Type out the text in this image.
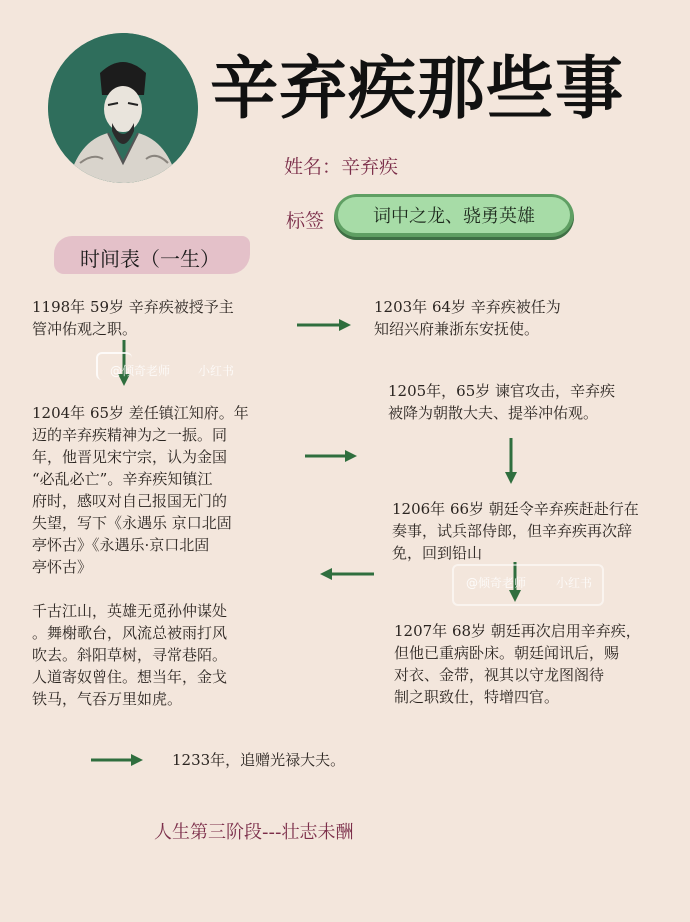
辛弃疾那些事
姓名：辛弃疾
标签	词中之龙、骁勇英雄
时间表（一生）
1198年 59岁 辛弃疾被授予主
管冲佑观之职。
1203年 64岁 辛弃疾被任为
知绍兴府兼浙东安抚使。
@倾奇老师 小红书
1204年 65岁 差任镇江知府。年
迈的辛弃疾精神为之一振。同
年，他晋见宋宁宗，认为金国
“必乱必亡”。辛弃疾知镇江
府时，感叹对自己报国无门的
失望，写下《永遇乐 京口北固
亭怀古》《永遇乐·京口北固
亭怀古》
1205年，65岁 谏官攻击，辛弃疾
被降为朝散大夫、提举冲佑观。
1206年 66岁 朝廷令辛弃疾赶赴行在
奏事，试兵部侍郎，但辛弃疾再次辞
免，回到铅山
@倾奇老师 小红书
千古江山，英雄无觅孙仲谋处
。舞榭歌台，风流总被雨打风
吹去。斜阳草树，寻常巷陌。
人道寄奴曾住。想当年，金戈
铁马，气吞万里如虎。
1207年 68岁 朝廷再次启用辛弃疾，
但他已重病卧床。朝廷闻讯后，赐
对衣、金带，视其以守龙图阁待
制之职致仕，特增四官。
1233年，追赠光禄大夫。
人生第三阶段---壮志未酬
